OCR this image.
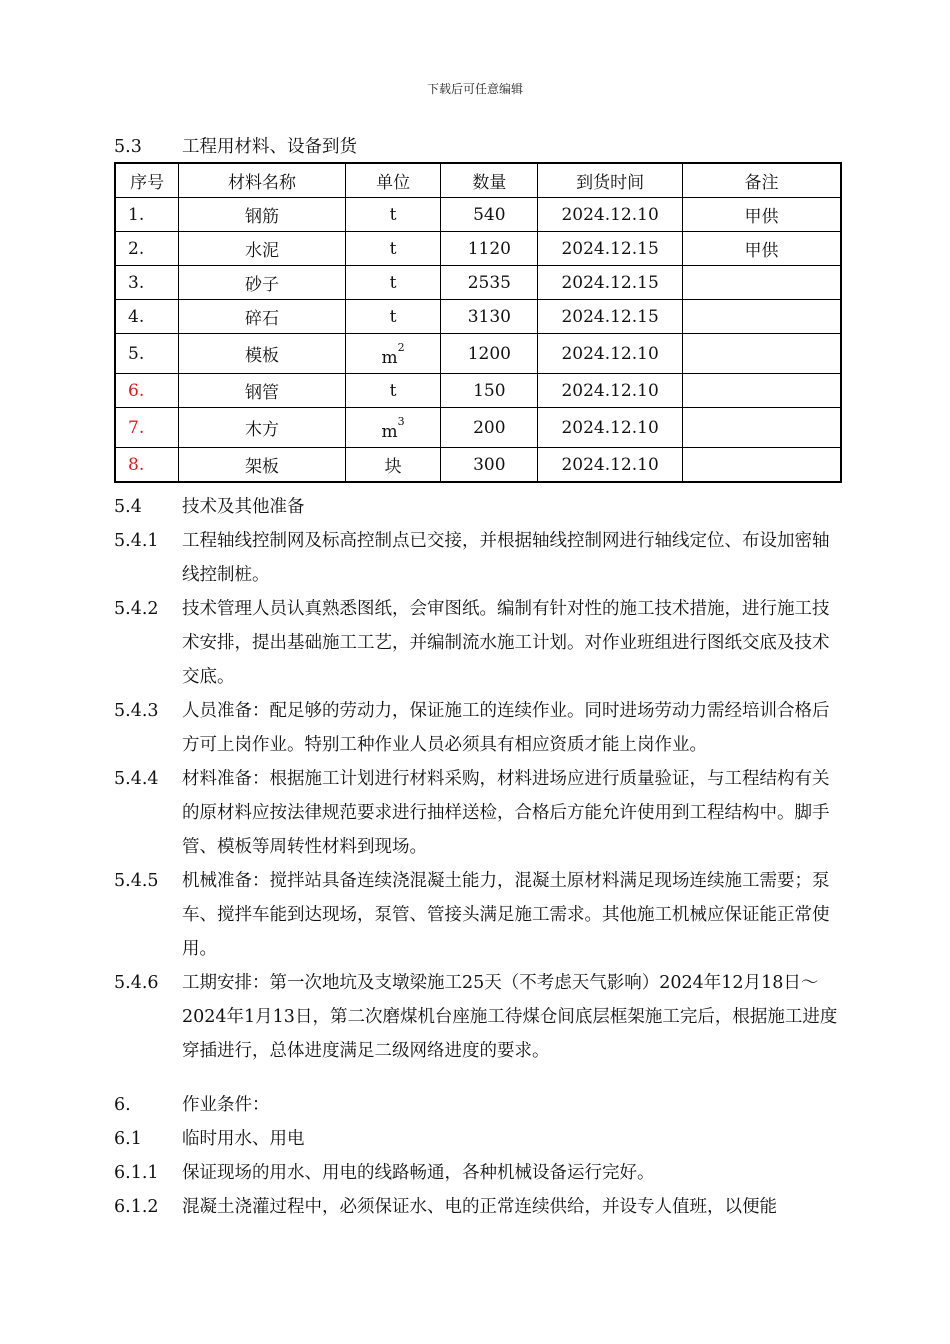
下载后可任意编辑
5.3 工程用材料、设备到货
序号	材料名称	单位	数量	到货时间	备注
1.	钢筋	t	540	2024.12.10	甲供
2.	水泥	t	1120	2024.12.15	甲供
3.	砂子	t	2535	2024.12.15	
4.	碎石	t	3130	2024.12.15	
5.	模板	$m^2$	1200	2024.12.10	
6.	钢管	t	150	2024.12.10	
7.	木方	$m^3$	200	2024.12.10	
8.	架板	块	300	2024.12.10	
5.4 技术及其他准备
5.4.1 工程轴线控制网及标高控制点已交接，并根据轴线控制网进行轴线定位、布设加密轴线控制桩。
5.4.2 技术管理人员认真熟悉图纸，会审图纸。编制有针对性的施工技术措施，进行施工技术安排，提出基础施工工艺，并编制流水施工计划。对作业班组进行图纸交底及技术交底。
5.4.3 人员准备：配足够的劳动力，保证施工的连续作业。同时进场劳动力需经培训合格后方可上岗作业。特别工种作业人员必须具有相应资质才能上岗作业。
5.4.4 材料准备：根据施工计划进行材料采购，材料进场应进行质量验证，与工程结构有关的原材料应按法律规范要求进行抽样送检，合格后方能允许使用到工程结构中。脚手管、模板等周转性材料到现场。
5.4.5 机械准备：搅拌站具备连续浇混凝土能力，混凝土原材料满足现场连续施工需要；泵车、搅拌车能到达现场，泵管、管接头满足施工需求。其他施工机械应保证能正常使用。
5.4.6 工期安排：第一次地坑及支墩梁施工25天（不考虑天气影响）2024年12月18日～2024年1月13日，第二次磨煤机台座施工待煤仓间底层框架施工完后，根据施工进度穿插进行，总体进度满足二级网络进度的要求。
6.	作业条件：
6.1 临时用水、用电
6.1.1 保证现场的用水、用电的线路畅通，各种机械设备运行完好。
6.1.2 混凝土浇灌过程中，必须保证水、电的正常连续供给，并设专人值班，以便能
